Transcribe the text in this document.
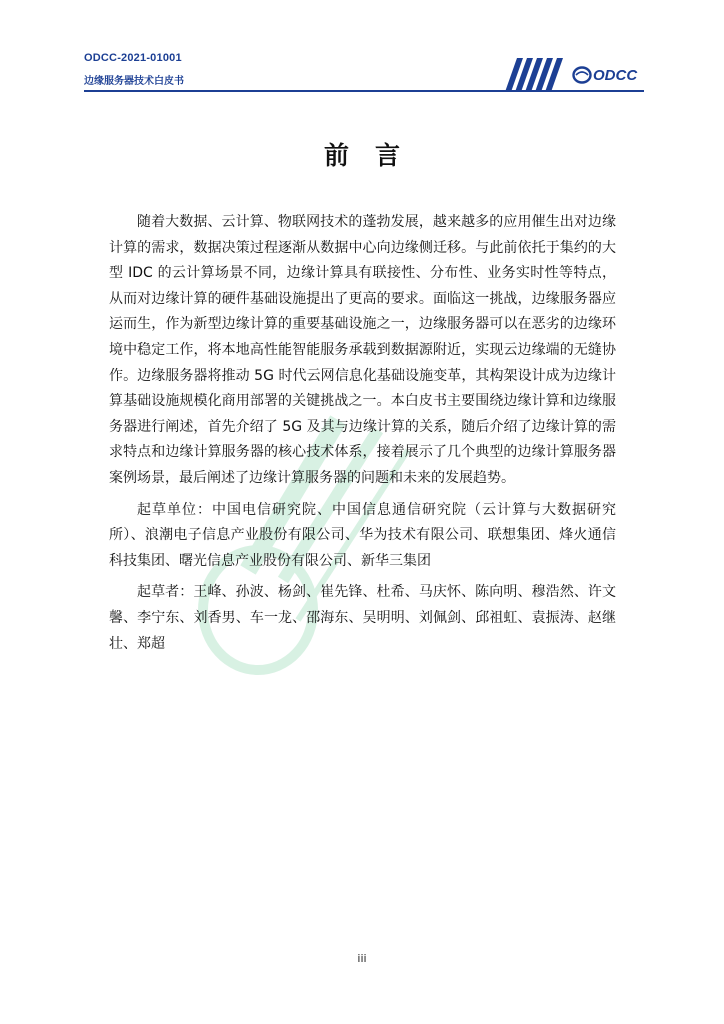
ODCC-2021-01001
边缘服务器技术白皮书	ODCC
前言

随着大数据、云计算、物联网技术的蓬勃发展，越来越多的应用催生出对边缘计算的需求，数据决策过程逐渐从数据中心向边缘侧迁移。与此前依托于集约的大型 IDC 的云计算场景不同，边缘计算具有联接性、分布性、业务实时性等特点，从而对边缘计算的硬件基础设施提出了更高的要求。面临这一挑战，边缘服务器应运而生，作为新型边缘计算的重要基础设施之一，边缘服务器可以在恶劣的边缘环境中稳定工作，将本地高性能智能服务承载到数据源附近，实现云边缘端的无缝协作。边缘服务器将推动 5G 时代云网信息化基础设施变革，其构架设计成为边缘计算基础设施规模化商用部署的关键挑战之一。本白皮书主要围绕边缘计算和边缘服务器进行阐述，首先介绍了 5G 及其与边缘计算的关系，随后介绍了边缘计算的需求特点和边缘计算服务器的核心技术体系，接着展示了几个典型的边缘计算服务器案例场景，最后阐述了边缘计算服务器的问题和未来的发展趋势。

起草单位：中国电信研究院、中国信息通信研究院（云计算与大数据研究所）、浪潮电子信息产业股份有限公司、华为技术有限公司、联想集团、烽火通信科技集团、曙光信息产业股份有限公司、新华三集团

起草者：王峰、孙波、杨剑、崔先锋、杜希、马庆怀、陈向明、穆浩然、许文馨、李宁东、刘香男、车一龙、邵海东、吴明明、刘佩剑、邱祖虹、袁振涛、赵继壮、郑超

iii
